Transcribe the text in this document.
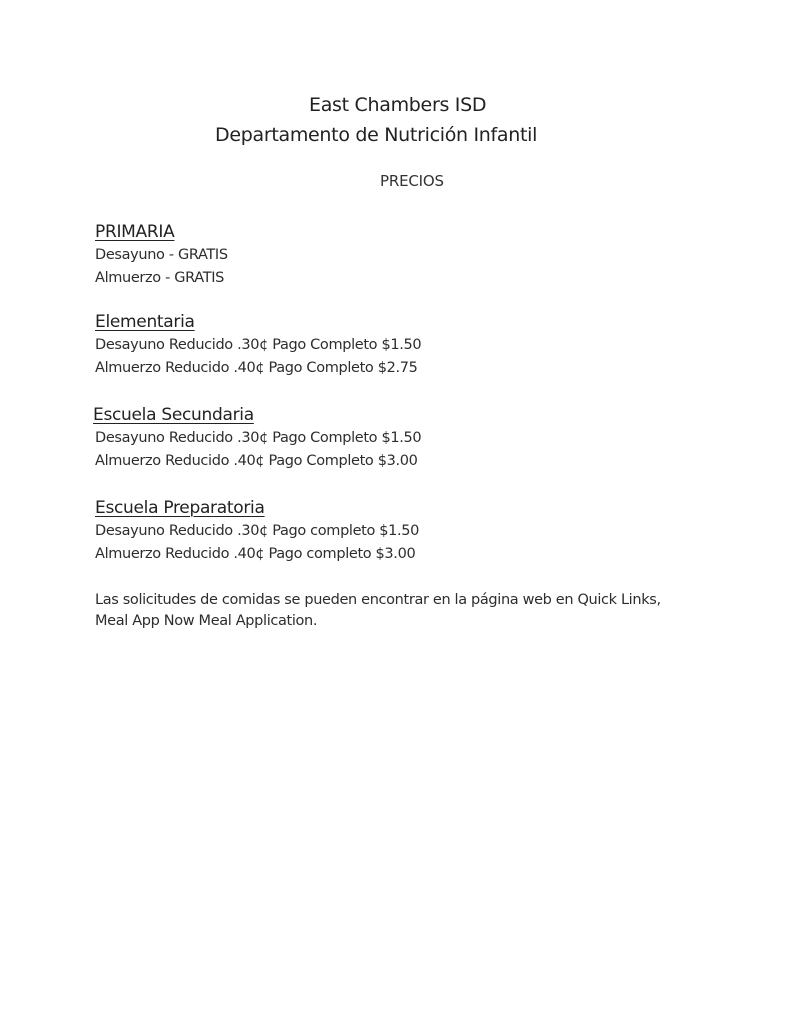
East Chambers ISD
Departamento de Nutrición Infantil
PRECIOS
PRIMARIA
Desayuno - GRATIS
Almuerzo - GRATIS
Elementaria
Desayuno Reducido .30¢ Pago Completo $1.50
Almuerzo Reducido .40¢ Pago Completo $2.75
Escuela Secundaria
Desayuno Reducido .30¢ Pago Completo $1.50
Almuerzo Reducido .40¢ Pago Completo $3.00
Escuela Preparatoria
Desayuno Reducido .30¢ Pago completo $1.50
Almuerzo Reducido .40¢ Pago completo $3.00
Las solicitudes de comidas se pueden encontrar en la página web en Quick Links, Meal App Now Meal Application.
